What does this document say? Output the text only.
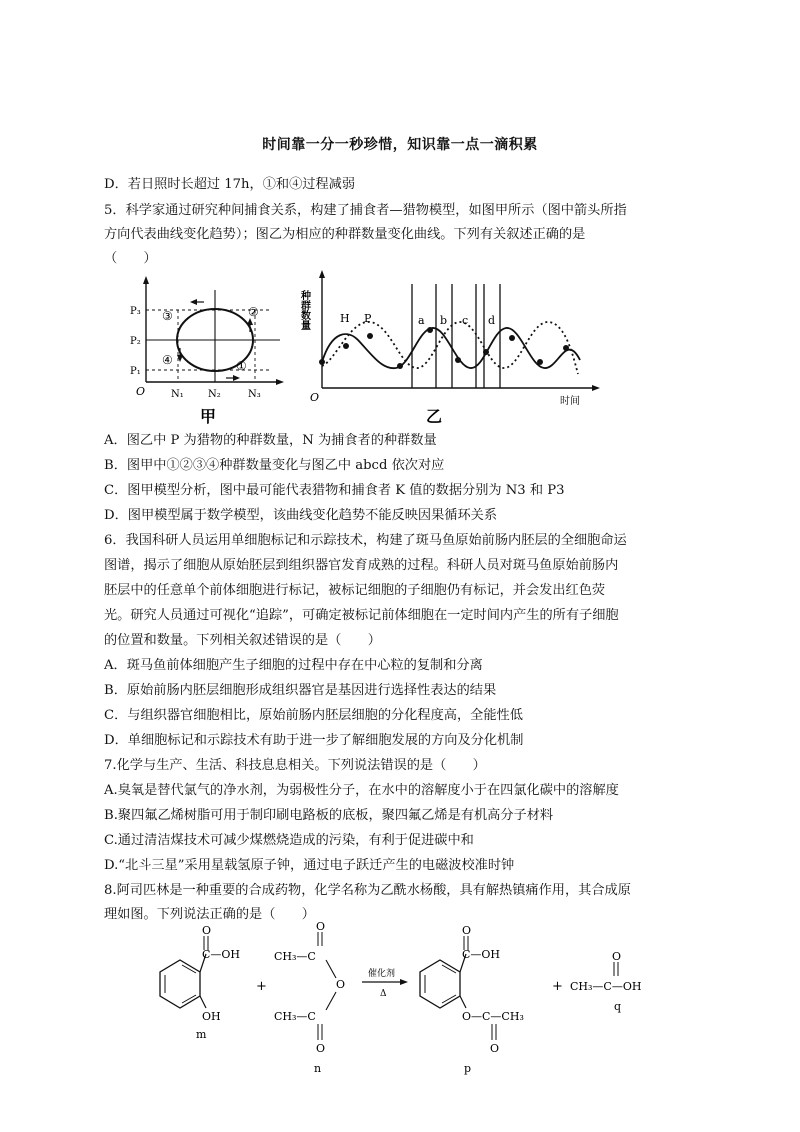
时间靠一分一秒珍惜，知识靠一点一滴积累
D．若日照时长超过 17h，①和④过程减弱
5．科学家通过研究种间捕食关系，构建了捕食者—猎物模型，如图甲所示（图中箭头所指
方向代表曲线变化趋势）；图乙为相应的种群数量变化曲线。下列有关叙述正确的是
（　　）
P₃
P₂
P₁
O	N₁ N₂	N₃
③	②
④	①
甲
种群数量
O	时间
H P	a b c d
乙
A．图乙中 P 为猎物的种群数量，N 为捕食者的种群数量
B．图甲中①②③④种群数量变化与图乙中 abcd 依次对应
C．图甲模型分析，图中最可能代表猎物和捕食者 K 值的数据分别为 N3 和 P3
D．图甲模型属于数学模型，该曲线变化趋势不能反映因果循环关系
6．我国科研人员运用单细胞标记和示踪技术，构建了斑马鱼原始前肠内胚层的全细胞命运
图谱，揭示了细胞从原始胚层到组织器官发育成熟的过程。科研人员对斑马鱼原始前肠内
胚层中的任意单个前体细胞进行标记，被标记细胞的子细胞仍有标记，并会发出红色荧
光。研究人员通过可视化“追踪”，可确定被标记前体细胞在一定时间内产生的所有子细胞
的位置和数量。下列相关叙述错误的是（　　）
A．斑马鱼前体细胞产生子细胞的过程中存在中心粒的复制和分离
B．原始前肠内胚层细胞形成组织器官是基因进行选择性表达的结果
C．与组织器官细胞相比，原始前肠内胚层细胞的分化程度高，全能性低
D．单细胞标记和示踪技术有助于进一步了解细胞发展的方向及分化机制
7.化学与生产、生活、科技息息相关。下列说法错误的是（　　）
A.臭氧是替代氯气的净水剂，为弱极性分子，在水中的溶解度小于在四氯化碳中的溶解度
B.聚四氟乙烯树脂可用于制印刷电路板的底板，聚四氟乙烯是有机高分子材料
C.通过清洁煤技术可减少煤燃烧造成的污染，有利于促进碳中和
D.“北斗三星”采用星载氢原子钟，通过电子跃迁产生的电磁波校准时钟
8.阿司匹林是一种重要的合成药物，化学名称为乙酰水杨酸，具有解热镇痛作用，其合成原
理如图。下列说法正确的是（　　）
O
C—OH
OH
m
+
CH₃—C
O
O
CH₃—C
O
n
催化剂
Δ
O
C—OH
O—C—CH₃
O
p
+ CH₃—C—OH
O
q
